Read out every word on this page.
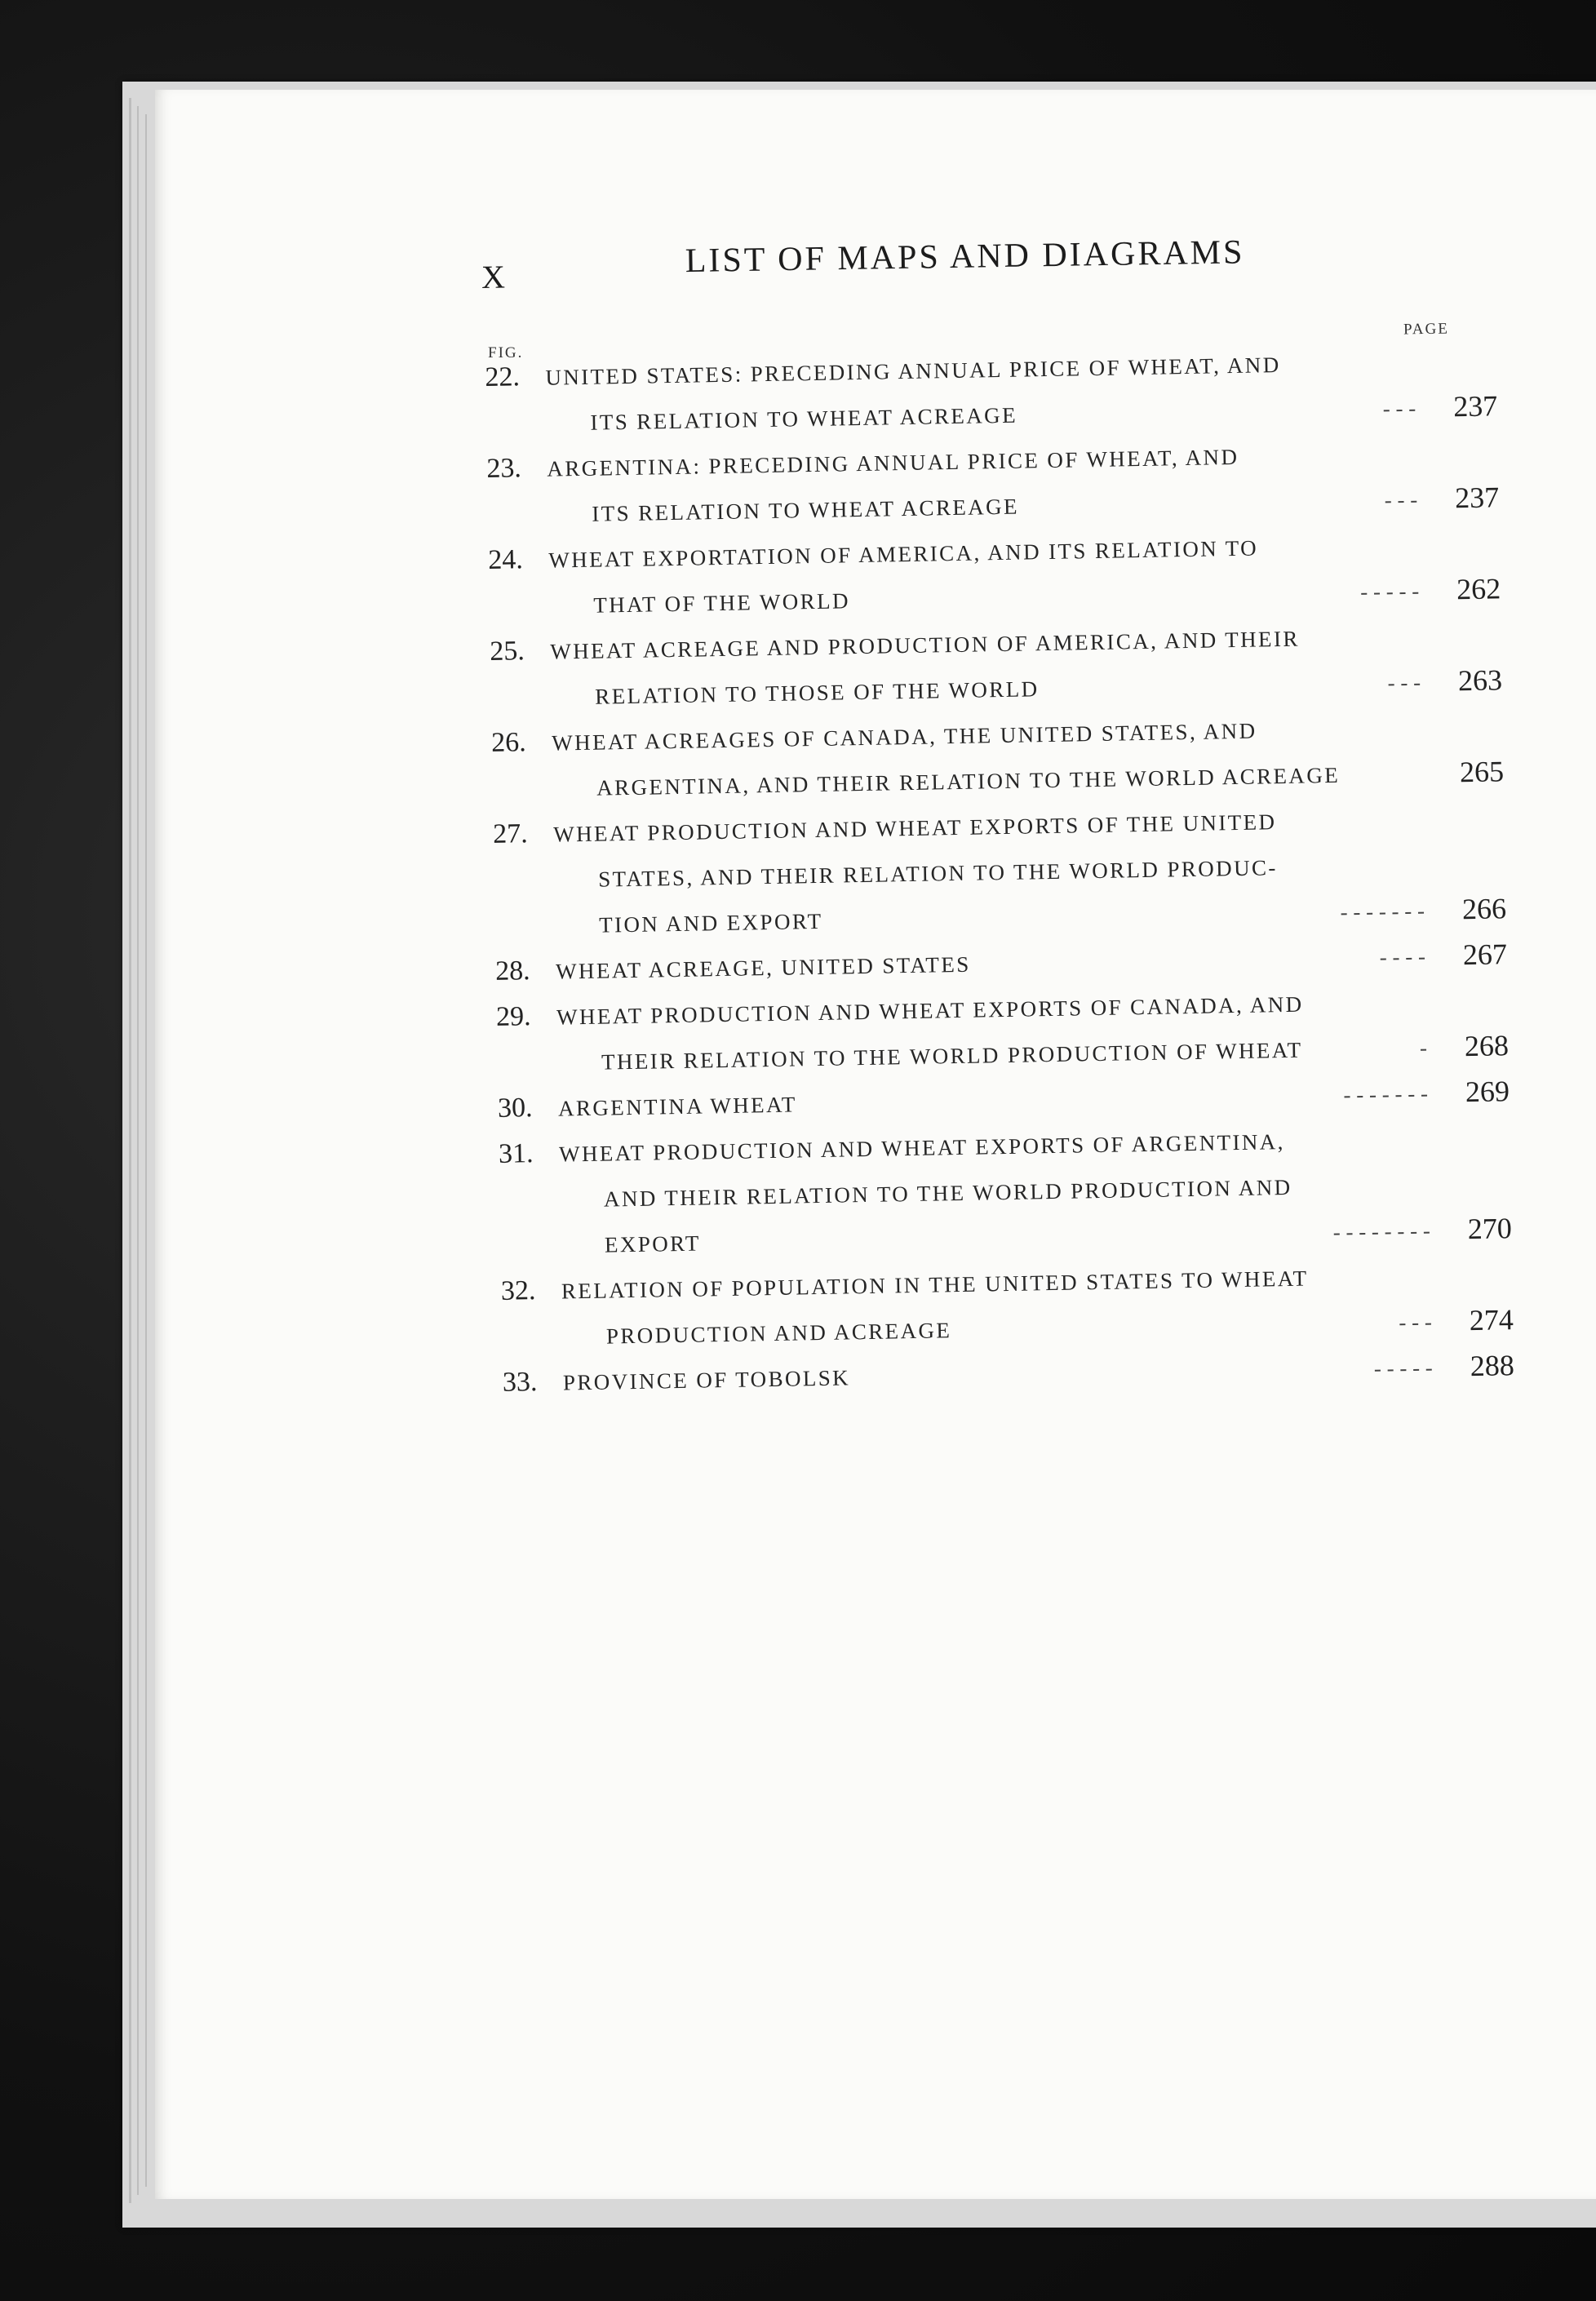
X	LIST OF MAPS AND DIAGRAMS
PAGE
FIG.
22. UNITED STATES: PRECEDING ANNUAL PRICE OF WHEAT, AND
ITS RELATION TO WHEAT ACREAGE	- - - 237
23. ARGENTINA: PRECEDING ANNUAL PRICE OF WHEAT, AND
ITS RELATION TO WHEAT ACREAGE	- - - 237
24. WHEAT EXPORTATION OF AMERICA, AND ITS RELATION TO
THAT OF THE WORLD	- - - - - 262
25. WHEAT ACREAGE AND PRODUCTION OF AMERICA, AND THEIR
RELATION TO THOSE OF THE WORLD	- - - 263
26. WHEAT ACREAGES OF CANADA, THE UNITED STATES, AND
ARGENTINA, AND THEIR RELATION TO THE WORLD ACREAGE	265
27. WHEAT PRODUCTION AND WHEAT EXPORTS OF THE UNITED
STATES, AND THEIR RELATION TO THE WORLD PRODUC-
TION AND EXPORT	- - - - - - - 266
28. WHEAT ACREAGE, UNITED STATES	- - - - 267
29. WHEAT PRODUCTION AND WHEAT EXPORTS OF CANADA, AND
THEIR RELATION TO THE WORLD PRODUCTION OF WHEAT	- 268
30. ARGENTINA WHEAT	- - - - - - - 269
31. WHEAT PRODUCTION AND WHEAT EXPORTS OF ARGENTINA,
AND THEIR RELATION TO THE WORLD PRODUCTION AND
EXPORT	- - - - - - - - 270
32. RELATION OF POPULATION IN THE UNITED STATES TO WHEAT
PRODUCTION AND ACREAGE	- - - 274
33. PROVINCE OF TOBOLSK	- - - - - 288
